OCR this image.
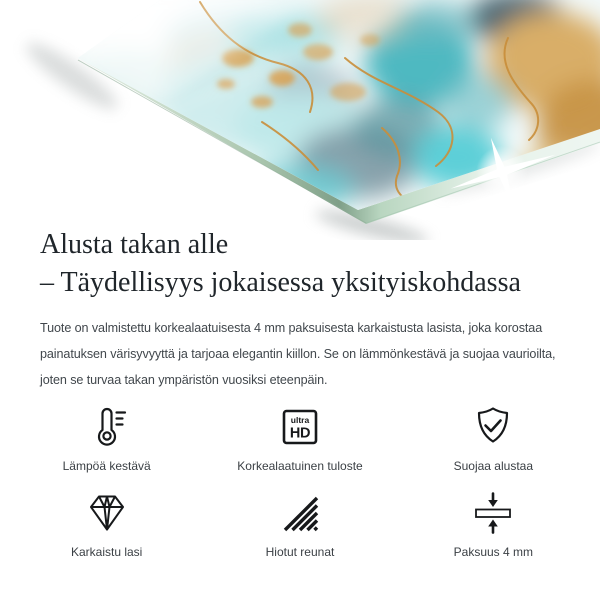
Alusta takan alle
– Täydellisyys jokaisessa yksityiskohdassa
Tuote on valmistettu korkealaatuisesta 4 mm paksuisesta karkaistusta lasista, joka korostaa painatuksen värisyvyyttä ja tarjoaa elegantin kiillon. Se on lämmönkestävä ja suojaa vaurioilta, joten se turvaa takan ympäristön vuosiksi eteenpäin.
Lämpöä kestävä
ultra
HD
Korkealaatuinen tuloste	Suojaa alustaa
Karkaistu lasi	Hiotut reunat	Paksuus 4 mm
